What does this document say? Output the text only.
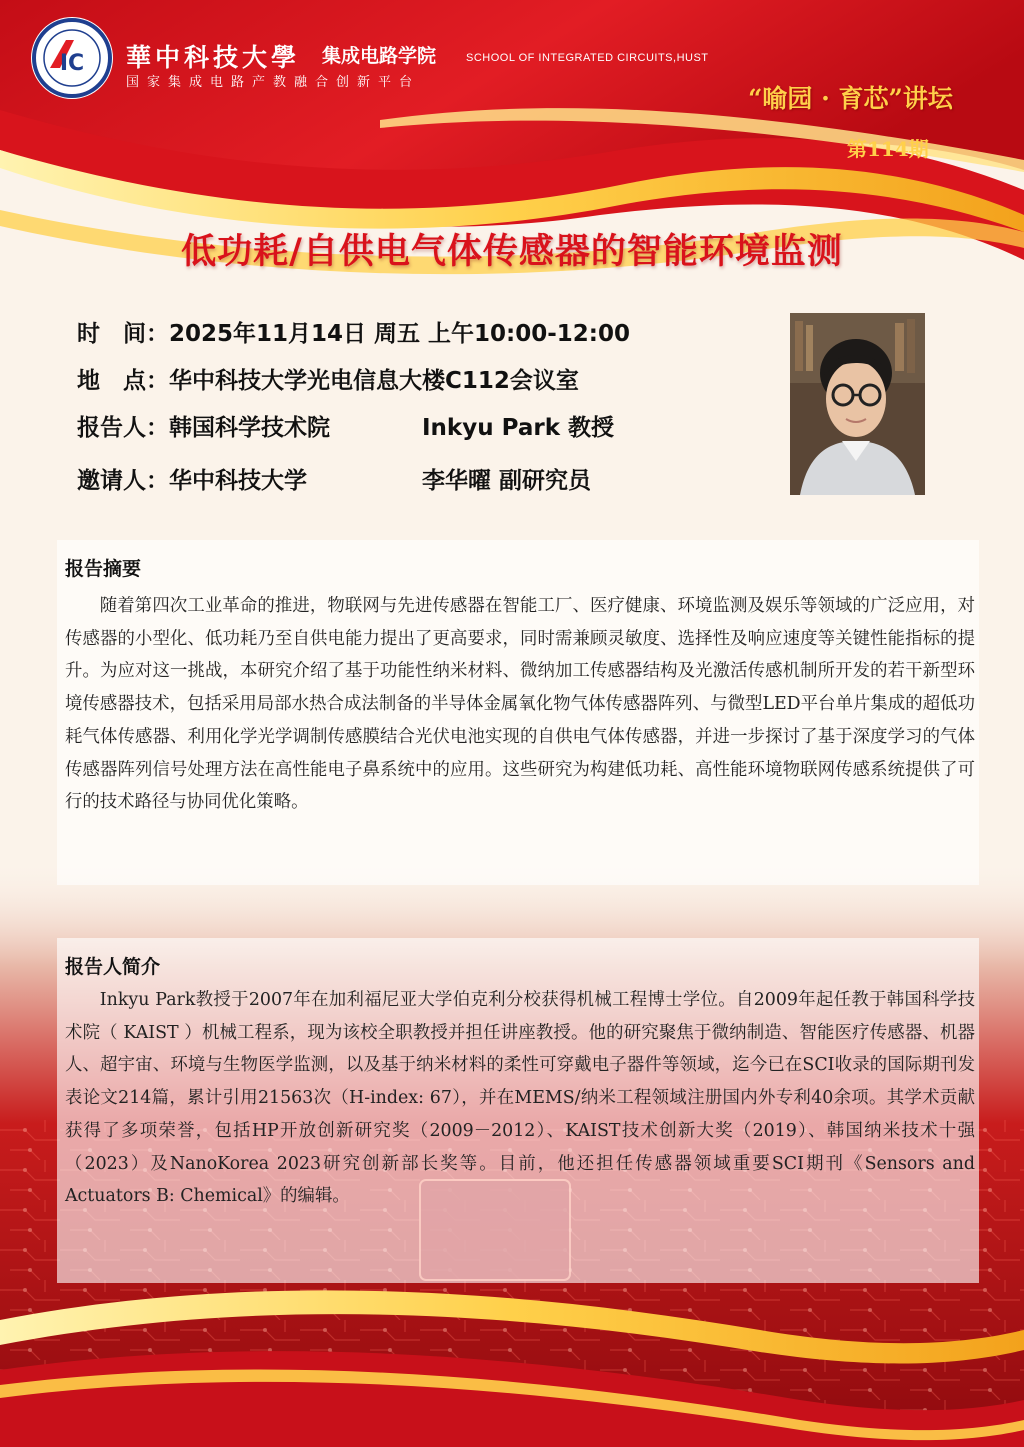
IC 華中科技大學 集成电路学院	SCHOOL OF INTEGRATED CIRCUITS,HUST
国家集成电路产教融合创新平台
“喻园 · 育芯”讲坛
第114期
低功耗/自供电气体传感器的智能环境监测
时　间：2025年11月14日 周五 上午10:00-12:00
地　点：华中科技大学光电信息大楼C112会议室
报告人：韩国科学技术院	Inkyu Park 教授
邀请人：华中科技大学	李华曜 副研究员
报告摘要

随着第四次工业革命的推进，物联网与先进传感器在智能工厂、医疗健康、环境监测及娱乐等领域的广泛应用，对传感器的小型化、低功耗乃至自供电能力提出了更高要求，同时需兼顾灵敏度、选择性及响应速度等关键性能指标的提升。为应对这一挑战，本研究介绍了基于功能性纳米材料、微纳加工传感器结构及光激活传感机制所开发的若干新型环境传感器技术，包括采用局部水热合成法制备的半导体金属氧化物气体传感器阵列、与微型LED平台单片集成的超低功耗气体传感器、利用化学光学调制传感膜结合光伏电池实现的自供电气体传感器，并进一步探讨了基于深度学习的气体传感器阵列信号处理方法在高性能电子鼻系统中的应用。这些研究为构建低功耗、高性能环境物联网传感系统提供了可行的技术路径与协同优化策略。

报告人简介

Inkyu Park教授于2007年在加利福尼亚大学伯克利分校获得机械工程博士学位。自2009年起任教于韩国科学技术院（ KAIST ）机械工程系，现为该校全职教授并担任讲座教授。他的研究聚焦于微纳制造、智能医疗传感器、机器人、超宇宙、环境与生物医学监测，以及基于纳米材料的柔性可穿戴电子器件等领域，迄今已在SCI收录的国际期刊发表论文214篇，累计引用21563次（H-index: 67），并在MEMS/纳米工程领域注册国内外专利40余项。其学术贡献获得了多项荣誉，包括HP开放创新研究奖（2009－2012）、KAIST技术创新大奖（2019）、韩国纳米技术十强（2023）及NanoKorea 2023研究创新部长奖等。目前，他还担任传感器领域重要SCI期刊《Sensors and Actuators B: Chemical》的编辑。
